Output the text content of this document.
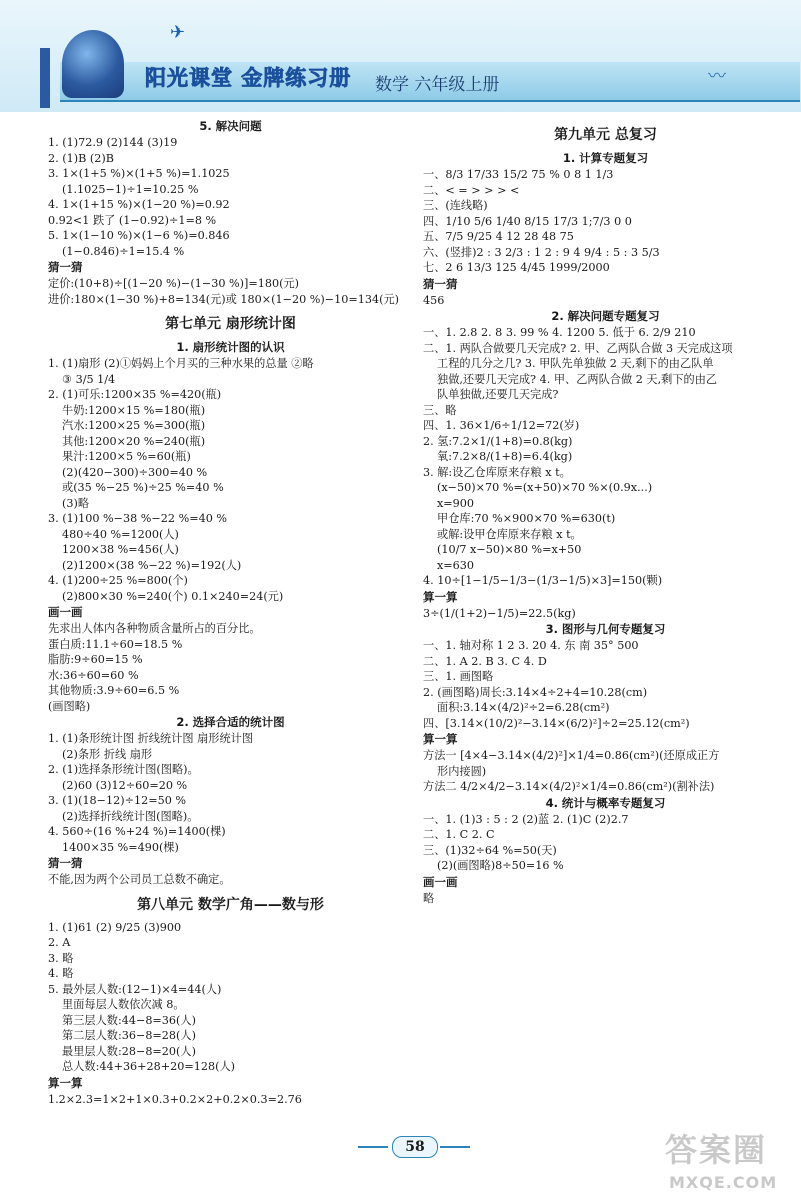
阳光课堂 金牌练习册 数学 六年级上册
✈
〰
5. 解决问题
1. (1)72.9 (2)144 (3)19
2. (1)B (2)B
3. 1×(1+5 %)×(1+5 %)=1.1025
(1.1025−1)÷1=10.25 %
4. 1×(1+15 %)×(1−20 %)=0.92
0.92<1 跌了 (1−0.92)÷1=8 %
5. 1×(1−10 %)×(1−6 %)=0.846
(1−0.846)÷1=15.4 %
猜一猜
定价:(10+8)÷[(1−20 %)−(1−30 %)]=180(元)
进价:180×(1−30 %)+8=134(元)或 180×(1−20 %)−10=134(元)
第七单元 扇形统计图
1. 扇形统计图的认识
1. (1)扇形 (2)①妈妈上个月买的三种水果的总量 ②略
③ 3/5 1/4
2. (1)可乐:1200×35 %=420(瓶)
牛奶:1200×15 %=180(瓶)
汽水:1200×25 %=300(瓶)
其他:1200×20 %=240(瓶)
果汁:1200×5 %=60(瓶)
(2)(420−300)÷300=40 %
或(35 %−25 %)÷25 %=40 %
(3)略
3. (1)100 %−38 %−22 %=40 %
480÷40 %=1200(人)
1200×38 %=456(人)
(2)1200×(38 %−22 %)=192(人)
4. (1)200÷25 %=800(个)
(2)800×30 %=240(个) 0.1×240=24(元)
画一画
先求出人体内各种物质含量所占的百分比。
蛋白质:11.1÷60=18.5 %
脂肪:9÷60=15 %
水:36÷60=60 %
其他物质:3.9÷60=6.5 %
(画图略)
2. 选择合适的统计图
1. (1)条形统计图 折线统计图 扇形统计图
(2)条形 折线 扇形
2. (1)选择条形统计图(图略)。
(2)60 (3)12÷60=20 %
3. (1)(18−12)÷12=50 %
(2)选择折线统计图(图略)。
4. 560÷(16 %+24 %)=1400(棵)
1400×35 %=490(棵)
猜一猜
不能,因为两个公司员工总数不确定。
第八单元 数学广角——数与形
1. (1)61 (2) 9/25 (3)900
2. A
3. 略
4. 略
5. 最外层人数:(12−1)×4=44(人)
里面每层人数依次减 8。
第三层人数:44−8=36(人)
第二层人数:36−8=28(人)
最里层人数:28−8=20(人)
总人数:44+36+28+20=128(人)
算一算
1.2×2.3=1×2+1×0.3+0.2×2+0.2×0.3=2.76
第九单元 总复习
1. 计算专题复习
一、8/3 17/33 15/2 75 % 0 8 1 1/3
二、< = > > > <
三、(连线略)
四、1/10 5/6 1/40 8/15 17/3 1;7/3 0 0
五、7/5 9/25 4 12 28 48 75
六、(竖排)2 : 3 2/3 : 1 2 : 9 4 9/4 : 5 : 3 5/3
七、2 6 13/3 125 4/45 1999/2000
猜一猜
456
2. 解决问题专题复习
一、1. 2.8 2. 8 3. 99 % 4. 1200 5. 低于 6. 2/9 210
二、1. 两队合做要几天完成? 2. 甲、乙两队合做 3 天完成这项
工程的几分之几? 3. 甲队先单独做 2 天,剩下的由乙队单
独做,还要几天完成? 4. 甲、乙两队合做 2 天,剩下的由乙
队单独做,还要几天完成?
三、略
四、1. 36×1/6÷1/12=72(岁)
2. 氢:7.2×1/(1+8)=0.8(kg)
氧:7.2×8/(1+8)=6.4(kg)
3. 解:设乙仓库原来存粮 x t。
(x−50)×70 %=(x+50)×70 %×(0.9x...)
x=900
甲仓库:70 %×900×70 %=630(t)
或解:设甲仓库原来存粮 x t。
(10/7 x−50)×80 %=x+50
x=630
4. 10÷[1−1/5−1/3−(1/3−1/5)×3]=150(颗)
算一算
3÷(1/(1+2)−1/5)=22.5(kg)
3. 图形与几何专题复习
一、1. 轴对称 1 2 3. 20 4. 东 南 35° 500
二、1. A 2. B 3. C 4. D
三、1. 画图略
2. (画图略)周长:3.14×4÷2+4=10.28(cm)
面积:3.14×(4/2)²÷2=6.28(cm²)
四、[3.14×(10/2)²−3.14×(6/2)²]÷2=25.12(cm²)
算一算
方法一 [4×4−3.14×(4/2)²]×1/4=0.86(cm²)(还原成正方
形内接圆)
方法二 4/2×4/2−3.14×(4/2)²×1/4=0.86(cm²)(割补法)
4. 统计与概率专题复习
一、1. (1)3 : 5 : 2 (2)蓝 2. (1)C (2)2.7
二、1. C 2. C
三、(1)32÷64 %=50(天)
(2)(画图略)8÷50=16 %
画一画
略
58	答案圈
MXQE.COM
